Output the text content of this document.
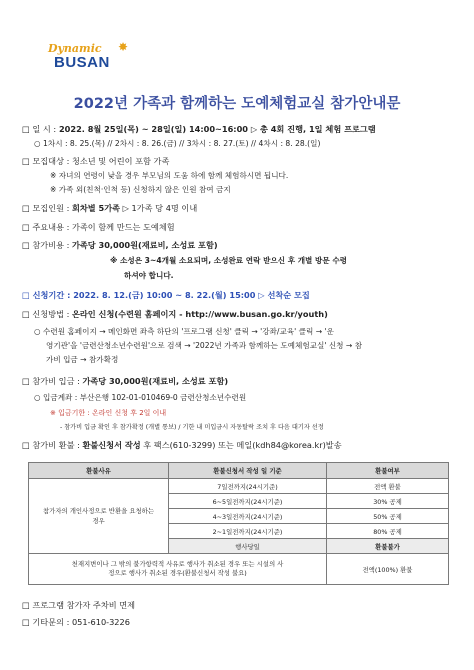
Dynamic
BUSAN
✸
2022년 가족과 함께하는 도예체험교실 참가안내문
□ 일 시 : 2022. 8월 25일(목) ~ 28일(일) 14:00~16:00 ▷ 총 4회 진행, 1일 체험 프로그램
○ 1차시 : 8. 25.(목) // 2차시 : 8. 26.(금) // 3차시 : 8. 27.(토) // 4차시 : 8. 28.(일)
□ 모집대상 : 청소년 및 어린이 포함 가족
※ 자녀의 연령이 낮을 경우 부모님의 도움 하에 함께 체험하시면 됩니다.
※ 가족 외(친척·인척 등) 신청하지 않은 인원 참여 금지
□ 모집인원 : 회차별 5가족 ▷ 1가족 당 4명 이내
□ 주요내용 : 가족이 함께 만드는 도예체험
□ 참가비용 : 가족당 30,000원(재료비, 소성료 포함)
※ 소성은 3~4개월 소요되며, 소성완료 연락 받으신 후 개별 방문 수령
하셔야 합니다.
□ 신청기간 : 2022. 8. 12.(금) 10:00 ~ 8. 22.(월) 15:00 ▷ 선착순 모집
□ 신청방법 : 온라인 신청(수련원 홈페이지 - http://www.busan.go.kr/youth)
○ 수련원 홈페이지 → 메인화면 좌측 하단의 '프로그램 신청' 클릭 → '강좌/교육' 클릭 → '운
영기관'을 '금련산청소년수련원'으로 검색 → '2022년 가족과 함께하는 도예체험교실' 신청 → 참
가비 입금 → 참가확정
□ 참가비 입금 : 가족당 30,000원(재료비, 소성료 포함)
○ 입금계좌 : 부산은행 102-01-010469-0 금련산청소년수련원
※ 입금기한 : 온라인 신청 후 2일 이내
- 참가비 입금 확인 후 참가확정 (개별 통보) / 기한 내 미입금시 자동탈락 조치 후 다음 대기자 선정
□ 참가비 환불 : 환불신청서 작성 후 팩스(610-3299) 또는 메일(kdh84@korea.kr)발송
환불사유	환불신청서 작성 일 기준	환불여부
참가자의 개인사정으로 반환을 요청하는 경우	7일전까지(24시기준)	전액 환불
	6~5일전까지(24시기준)	30% 공제
	4~3일전까지(24시기준)	50% 공제
	2~1일전까지(24시기준)	80% 공제
	행사당일	환불불가
천재지변이나 그 밖의 불가항력적 사유로 행사가 취소된 경우 또는 시설의 사정으로 행사가 취소된 경우(환불신청서 작성 불요)		전액(100%) 환불
□ 프로그램 참가자 주차비 면제
□ 기타문의 : 051-610-3226
